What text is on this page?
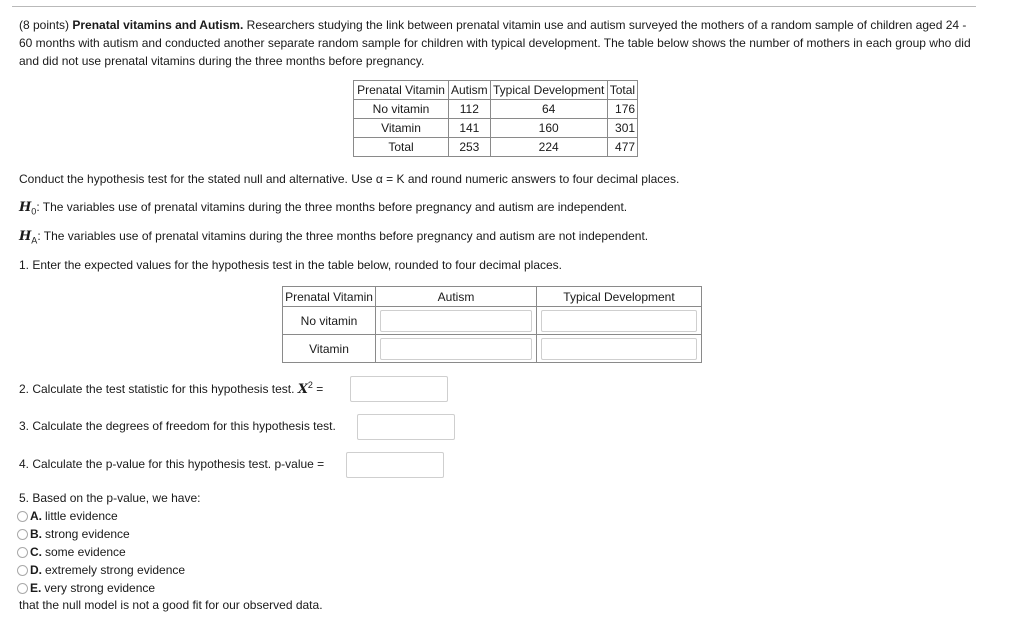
(8 points) Prenatal vitamins and Autism. Researchers studying the link between prenatal vitamin use and autism surveyed the mothers of a random sample of children aged 24 - 60 months with autism and conducted another separate random sample for children with typical development. The table below shows the number of mothers in each group who did and did not use prenatal vitamins during the three months before pregnancy.
Prenatal Vitamin	Autism	Typical Development	Total
No vitamin	112	64	176
Vitamin	141	160	301
Total	253	224	477
Conduct the hypothesis test for the stated null and alternative. Use α = K and round numeric answers to four decimal places.
$H_0$: The variables use of prenatal vitamins during the three months before pregnancy and autism are independent.
$H_A$: The variables use of prenatal vitamins during the three months before pregnancy and autism are not independent.
1. Enter the expected values for the hypothesis test in the table below, rounded to four decimal places.
Prenatal Vitamin	Autism	Typical Development
No vitamin	

Vitamin	

2. Calculate the test statistic for this hypothesis test. $X^2$ =
3. Calculate the degrees of freedom for this hypothesis test.
4. Calculate the p-value for this hypothesis test. p-value =
5. Based on the p-value, we have:
A. little evidence
B. strong evidence
C. some evidence
D. extremely strong evidence
E. very strong evidence
that the null model is not a good fit for our observed data.
